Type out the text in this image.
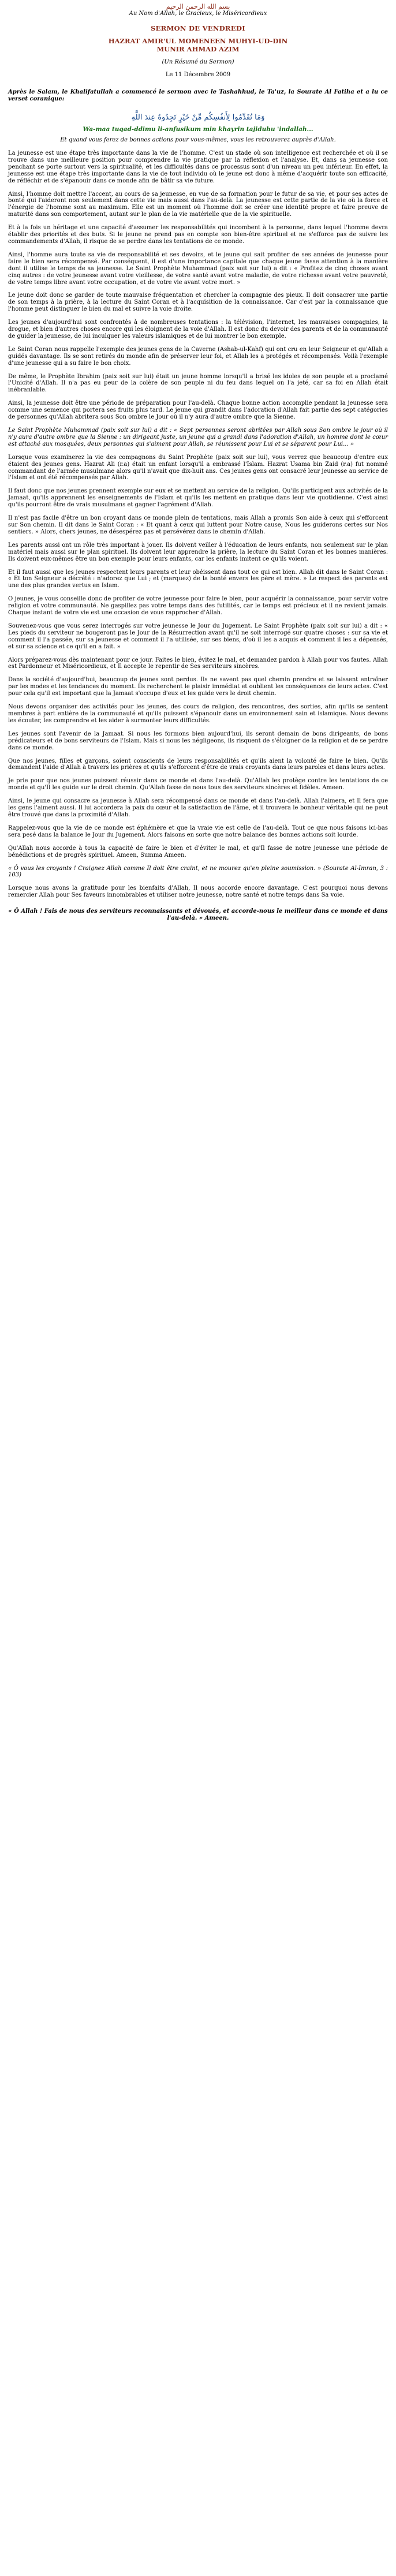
بسم الله الرحمن الرحيم
Au Nom d'Allah, le Gracieux, le Miséricordieux
SERMON DE VENDREDI
HAZRAT AMIR'UL MOMENEEN MUHYI-UD-DIN
MUNIR AHMAD AZIM
(Un Résumé du Sermon)
Le 11 Décembre 2009
Après le Salam, le Khalifatullah a commencé le sermon avec le Tashahhud, le Ta'uz, la Sourate Al Fatiha et a lu ce verset coranique:
وَمَا تُقَدِّمُوا لِأَنفُسِكُم مِّنْ خَيْرٍ تَجِدُوهُ عِندَ اللَّهِ
Wa-maa tuqad-ddimu li-anfusikum min khayrin tajiduhu 'indallah...
Et quand vous ferez de bonnes actions pour vous-mêmes, vous les retrouverez auprès d'Allah.

La jeunesse est une étape très importante dans la vie de l'homme. C'est un stade où son intelligence est recherchée et où il se trouve dans une meilleure position pour comprendre la vie pratique par la réflexion et l'analyse. Et, dans sa jeunesse son penchant se porte surtout vers la spiritualité, et les difficultés dans ce processus sont d'un niveau un peu inférieur. En effet, la jeunesse est une étape très importante dans la vie de tout individu où le jeune est donc à même d'acquérir toute son efficacité, de réfléchir et de s'épanouir dans ce monde afin de bâtir sa vie future.

Ainsi, l'homme doit mettre l'accent, au cours de sa jeunesse, en vue de sa formation pour le futur de sa vie, et pour ses actes de bonté qui l'aideront non seulement dans cette vie mais aussi dans l'au-delà. La jeunesse est cette partie de la vie où la force et l'énergie de l'homme sont au maximum. Elle est un moment où l'homme doit se créer une identité propre et faire preuve de maturité dans son comportement, autant sur le plan de la vie matérielle que de la vie spirituelle.

Et à la fois un héritage et une capacité d'assumer les responsabilités qui incombent à la personne, dans lequel l'homme devra établir des priorités et des buts. Si le jeune ne prend pas en compte son bien-être spirituel et ne s'efforce pas de suivre les commandements d'Allah, il risque de se perdre dans les tentations de ce monde.

Ainsi, l'homme aura toute sa vie de responsabilité et ses devoirs, et le jeune qui sait profiter de ses années de jeunesse pour faire le bien sera récompensé. Par conséquent, il est d'une importance capitale que chaque jeune fasse attention à la manière dont il utilise le temps de sa jeunesse. Le Saint Prophète Muhammad (paix soit sur lui) a dit : « Profitez de cinq choses avant cinq autres : de votre jeunesse avant votre vieillesse, de votre santé avant votre maladie, de votre richesse avant votre pauvreté, de votre temps libre avant votre occupation, et de votre vie avant votre mort. »

Le jeune doit donc se garder de toute mauvaise fréquentation et chercher la compagnie des pieux. Il doit consacrer une partie de son temps à la prière, à la lecture du Saint Coran et à l'acquisition de la connaissance. Car c'est par la connaissance que l'homme peut distinguer le bien du mal et suivre la voie droite.

Les jeunes d'aujourd'hui sont confrontés à de nombreuses tentations : la télévision, l'internet, les mauvaises compagnies, la drogue, et bien d'autres choses encore qui les éloignent de la voie d'Allah. Il est donc du devoir des parents et de la communauté de guider la jeunesse, de lui inculquer les valeurs islamiques et de lui montrer le bon exemple.

Le Saint Coran nous rappelle l'exemple des jeunes gens de la Caverne (Ashab-ul-Kahf) qui ont cru en leur Seigneur et qu'Allah a guidés davantage. Ils se sont retirés du monde afin de préserver leur foi, et Allah les a protégés et récompensés. Voilà l'exemple d'une jeunesse qui a su faire le bon choix.

De même, le Prophète Ibrahim (paix soit sur lui) était un jeune homme lorsqu'il a brisé les idoles de son peuple et a proclamé l'Unicité d'Allah. Il n'a pas eu peur de la colère de son peuple ni du feu dans lequel on l'a jeté, car sa foi en Allah était inébranlable.

Ainsi, la jeunesse doit être une période de préparation pour l'au-delà. Chaque bonne action accomplie pendant la jeunesse sera comme une semence qui portera ses fruits plus tard. Le jeune qui grandit dans l'adoration d'Allah fait partie des sept catégories de personnes qu'Allah abritera sous Son ombre le Jour où il n'y aura d'autre ombre que la Sienne.

Le Saint Prophète Muhammad (paix soit sur lui) a dit : « Sept personnes seront abritées par Allah sous Son ombre le jour où il n'y aura d'autre ombre que la Sienne : un dirigeant juste, un jeune qui a grandi dans l'adoration d'Allah, un homme dont le cœur est attaché aux mosquées, deux personnes qui s'aiment pour Allah, se réunissent pour Lui et se séparent pour Lui... »

Lorsque vous examinerez la vie des compagnons du Saint Prophète (paix soit sur lui), vous verrez que beaucoup d'entre eux étaient des jeunes gens. Hazrat Ali (r.a) était un enfant lorsqu'il a embrassé l'Islam. Hazrat Usama bin Zaid (r.a) fut nommé commandant de l'armée musulmane alors qu'il n'avait que dix-huit ans. Ces jeunes gens ont consacré leur jeunesse au service de l'Islam et ont été récompensés par Allah.

Il faut donc que nos jeunes prennent exemple sur eux et se mettent au service de la religion. Qu'ils participent aux activités de la Jamaat, qu'ils apprennent les enseignements de l'Islam et qu'ils les mettent en pratique dans leur vie quotidienne. C'est ainsi qu'ils pourront être de vrais musulmans et gagner l'agrément d'Allah.

Il n'est pas facile d'être un bon croyant dans ce monde plein de tentations, mais Allah a promis Son aide à ceux qui s'efforcent sur Son chemin. Il dit dans le Saint Coran : « Et quant à ceux qui luttent pour Notre cause, Nous les guiderons certes sur Nos sentiers. » Alors, chers jeunes, ne désespérez pas et persévérez dans le chemin d'Allah.

Les parents aussi ont un rôle très important à jouer. Ils doivent veiller à l'éducation de leurs enfants, non seulement sur le plan matériel mais aussi sur le plan spirituel. Ils doivent leur apprendre la prière, la lecture du Saint Coran et les bonnes manières. Ils doivent eux-mêmes être un bon exemple pour leurs enfants, car les enfants imitent ce qu'ils voient.

Et il faut aussi que les jeunes respectent leurs parents et leur obéissent dans tout ce qui est bien. Allah dit dans le Saint Coran : « Et ton Seigneur a décrété : n'adorez que Lui ; et (marquez) de la bonté envers les père et mère. » Le respect des parents est une des plus grandes vertus en Islam.

O jeunes, je vous conseille donc de profiter de votre jeunesse pour faire le bien, pour acquérir la connaissance, pour servir votre religion et votre communauté. Ne gaspillez pas votre temps dans des futilités, car le temps est précieux et il ne revient jamais. Chaque instant de votre vie est une occasion de vous rapprocher d'Allah.

Souvenez-vous que vous serez interrogés sur votre jeunesse le Jour du Jugement. Le Saint Prophète (paix soit sur lui) a dit : « Les pieds du serviteur ne bougeront pas le Jour de la Résurrection avant qu'il ne soit interrogé sur quatre choses : sur sa vie et comment il l'a passée, sur sa jeunesse et comment il l'a utilisée, sur ses biens, d'où il les a acquis et comment il les a dépensés, et sur sa science et ce qu'il en a fait. »

Alors préparez-vous dès maintenant pour ce jour. Faites le bien, évitez le mal, et demandez pardon à Allah pour vos fautes. Allah est Pardonneur et Miséricordieux, et Il accepte le repentir de Ses serviteurs sincères.

Dans la société d'aujourd'hui, beaucoup de jeunes sont perdus. Ils ne savent pas quel chemin prendre et se laissent entraîner par les modes et les tendances du moment. Ils recherchent le plaisir immédiat et oublient les conséquences de leurs actes. C'est pour cela qu'il est important que la Jamaat s'occupe d'eux et les guide vers le droit chemin.

Nous devons organiser des activités pour les jeunes, des cours de religion, des rencontres, des sorties, afin qu'ils se sentent membres à part entière de la communauté et qu'ils puissent s'épanouir dans un environnement sain et islamique. Nous devons les écouter, les comprendre et les aider à surmonter leurs difficultés.

Les jeunes sont l'avenir de la Jamaat. Si nous les formons bien aujourd'hui, ils seront demain de bons dirigeants, de bons prédicateurs et de bons serviteurs de l'Islam. Mais si nous les négligeons, ils risquent de s'éloigner de la religion et de se perdre dans ce monde.

Que nos jeunes, filles et garçons, soient conscients de leurs responsabilités et qu'ils aient la volonté de faire le bien. Qu'ils demandent l'aide d'Allah à travers les prières et qu'ils s'efforcent d'être de vrais croyants dans leurs paroles et dans leurs actes.

Je prie pour que nos jeunes puissent réussir dans ce monde et dans l'au-delà. Qu'Allah les protège contre les tentations de ce monde et qu'Il les guide sur le droit chemin. Qu'Allah fasse de nous tous des serviteurs sincères et fidèles. Ameen.

Ainsi, le jeune qui consacre sa jeunesse à Allah sera récompensé dans ce monde et dans l'au-delà. Allah l'aimera, et Il fera que les gens l'aiment aussi. Il lui accordera la paix du cœur et la satisfaction de l'âme, et il trouvera le bonheur véritable qui ne peut être trouvé que dans la proximité d'Allah.

Rappelez-vous que la vie de ce monde est éphémère et que la vraie vie est celle de l'au-delà. Tout ce que nous faisons ici-bas sera pesé dans la balance le Jour du Jugement. Alors faisons en sorte que notre balance des bonnes actions soit lourde.

Qu'Allah nous accorde à tous la capacité de faire le bien et d'éviter le mal, et qu'Il fasse de notre jeunesse une période de bénédictions et de progrès spirituel. Ameen, Summa Ameen.

« Ô vous les croyants ! Craignez Allah comme Il doit être craint, et ne mourez qu'en pleine soumission. » (Sourate Al-Imran, 3 : 103)

Lorsque nous avons la gratitude pour les bienfaits d'Allah, Il nous accorde encore davantage. C'est pourquoi nous devons remercier Allah pour Ses faveurs innombrables et utiliser notre jeunesse, notre santé et notre temps dans Sa voie.

« Ô Allah ! Fais de nous des serviteurs reconnaissants et dévoués, et accorde-nous le meilleur dans ce monde et dans l'au-delà. » Ameen.
